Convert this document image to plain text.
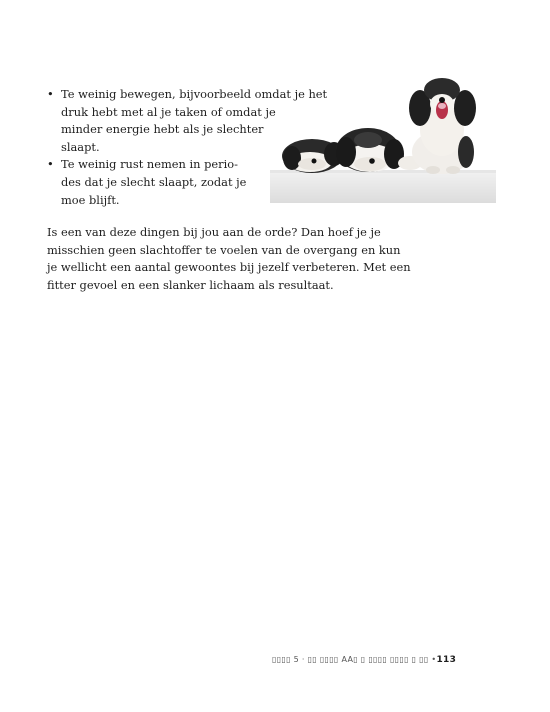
• Te weinig bewegen, bijvoorbeeld omdat je het
druk hebt met al je taken of omdat je
minder energie hebt als je slechter
slaapt.
• Te weinig rust nemen in perio-
des dat je slecht slaapt, zodat je
moe blijft.
Is een van deze dingen bij jou aan de orde? Dan hoef je je
misschien geen slachtoffer te voelen van de overgang en kun
je wellicht een aantal gewoontes bij jezelf verbeteren. Met een
fitter gevoel en een slanker lichaam als resultaat.
▯▯▯▯ 5 · ▯▯ ▯▯▯▯ AA▯ ▯ ▯▯▯▯ ▯▯▯▯ ▯ ▯▯ •113
